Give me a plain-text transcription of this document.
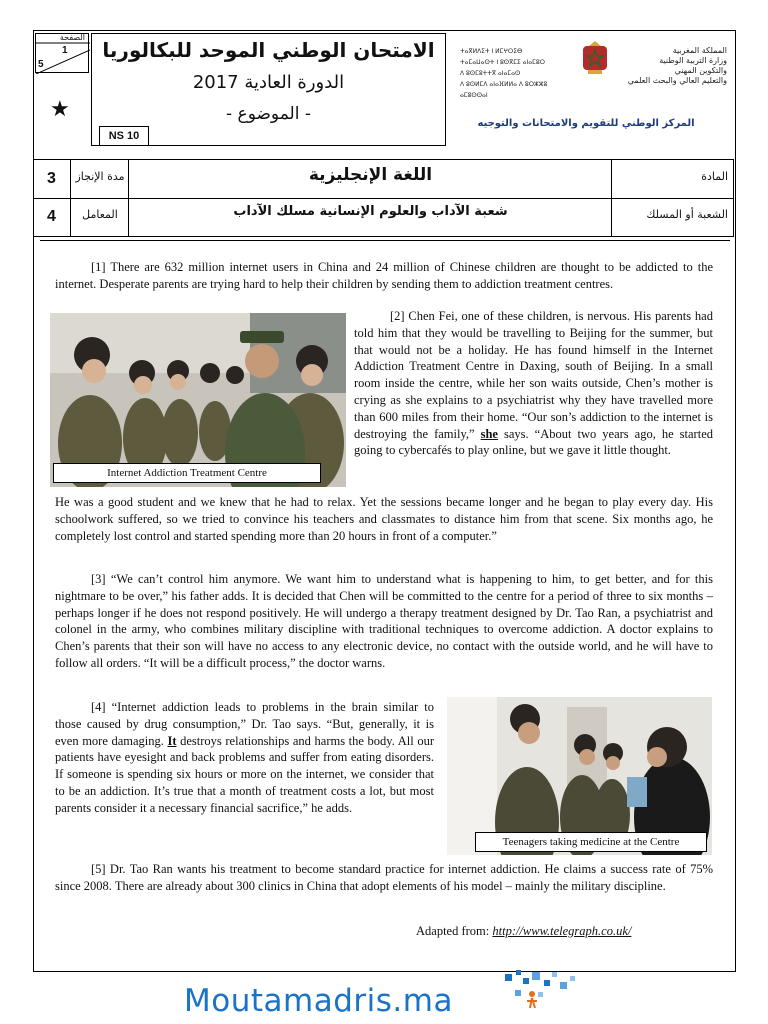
الصفحة
1
5
★
الامتحان الوطني الموحد للبكالوريا
الدورة العادية 2017
- الموضوع -
NS 10
ⵜⴰⴳⵍⴷⵉⵜ ⵏ ⵍⵎⵖⵔⵉⴱ
ⵜⴰⵎⴰⵡⴰⵙⵜ ⵏ ⵓⵙⴳⵎⵉ ⴰⵏⴰⵎⵓⵔ
ⴷ ⵓⵙⵎⵓⵜⵜⴳ ⴰⵏⴰⵎⴰⵙ
ⴷ ⵓⵙⵍⵎⴷ ⴰⵏⴰⴼⵍⵍⴰ ⴷ ⵓⵔⵣⵣⵓ ⴰⵎⵓⵙⵙⴰⵏ
المملكة المغربية
وزارة التربية الوطنية
والتكوين المهني
والتعليم العالي والبحث العلمي
المركز الوطني للتقويم والامتحانات والتوجيه
3
4
مدة الإنجاز
المعامل
اللغة الإنجليزية
شعبة الآداب والعلوم الإنسانية مسلك الآداب
المادة
الشعبة أو المسلك
[1] There are 632 million internet users in China and 24 million of Chinese children are thought to be addicted to the internet. Desperate parents are trying hard to help their children by sending them to addiction treatment centres.
Internet Addiction Treatment Centre
[2] Chen Fei, one of these children, is nervous. His parents had told him that they would be travelling to Beijing for the summer, but that would not be a holiday. He has found himself in the Internet Addiction Treatment Centre in Daxing, south of Beijing. In a small room inside the centre, while her son waits outside, Chen’s mother is crying as she explains to a psychiatrist why they have travelled more than 600 miles from their home. “Our son’s addiction to the internet is destroying the family,” she says. “About two years ago, he started going to cybercafés to play online, but we gave it little thought.
He was a good student and we knew that he had to relax. Yet the sessions became longer and he began to play every day. His schoolwork suffered, so we tried to convince his teachers and classmates to distance him from that scene. Six months ago, he completely lost control and started spending more than 20 hours in front of a computer.”
[3] “We can’t control him anymore. We want him to understand what is happening to him, to get better, and for this nightmare to be over,” his father adds. It is decided that Chen will be committed to the centre for a period of three to six months – perhaps longer if he does not respond positively. He will undergo a therapy treatment designed by Dr. Tao Ran, a psychiatrist and colonel in the army, who combines military discipline with traditional techniques to overcome addiction. A doctor explains to Chen’s parents that their son will have no access to any electronic device, no contact with the outside world, and he will have to follow all orders. “It will be a difficult process,” the doctor warns.
[4] “Internet addiction leads to problems in the brain similar to those caused by drug consumption,” Dr. Tao says. “But, generally, it is even more damaging. It destroys relationships and harms the body. All our patients have eyesight and back problems and suffer from eating disorders. If someone is spending six hours or more on the internet, we consider that to be an addiction. It’s true that a month of treatment costs a lot, but most parents consider it a necessary financial sacrifice,” he adds.
Teenagers taking medicine at the Centre
[5] Dr. Tao Ran wants his treatment to become standard practice for internet addiction. He claims a success rate of 75% since 2008. There are already about 300 clinics in China that adopt elements of his model – mainly the military discipline.
Adapted from: http://www.telegraph.co.uk/
Moutamadris.ma
